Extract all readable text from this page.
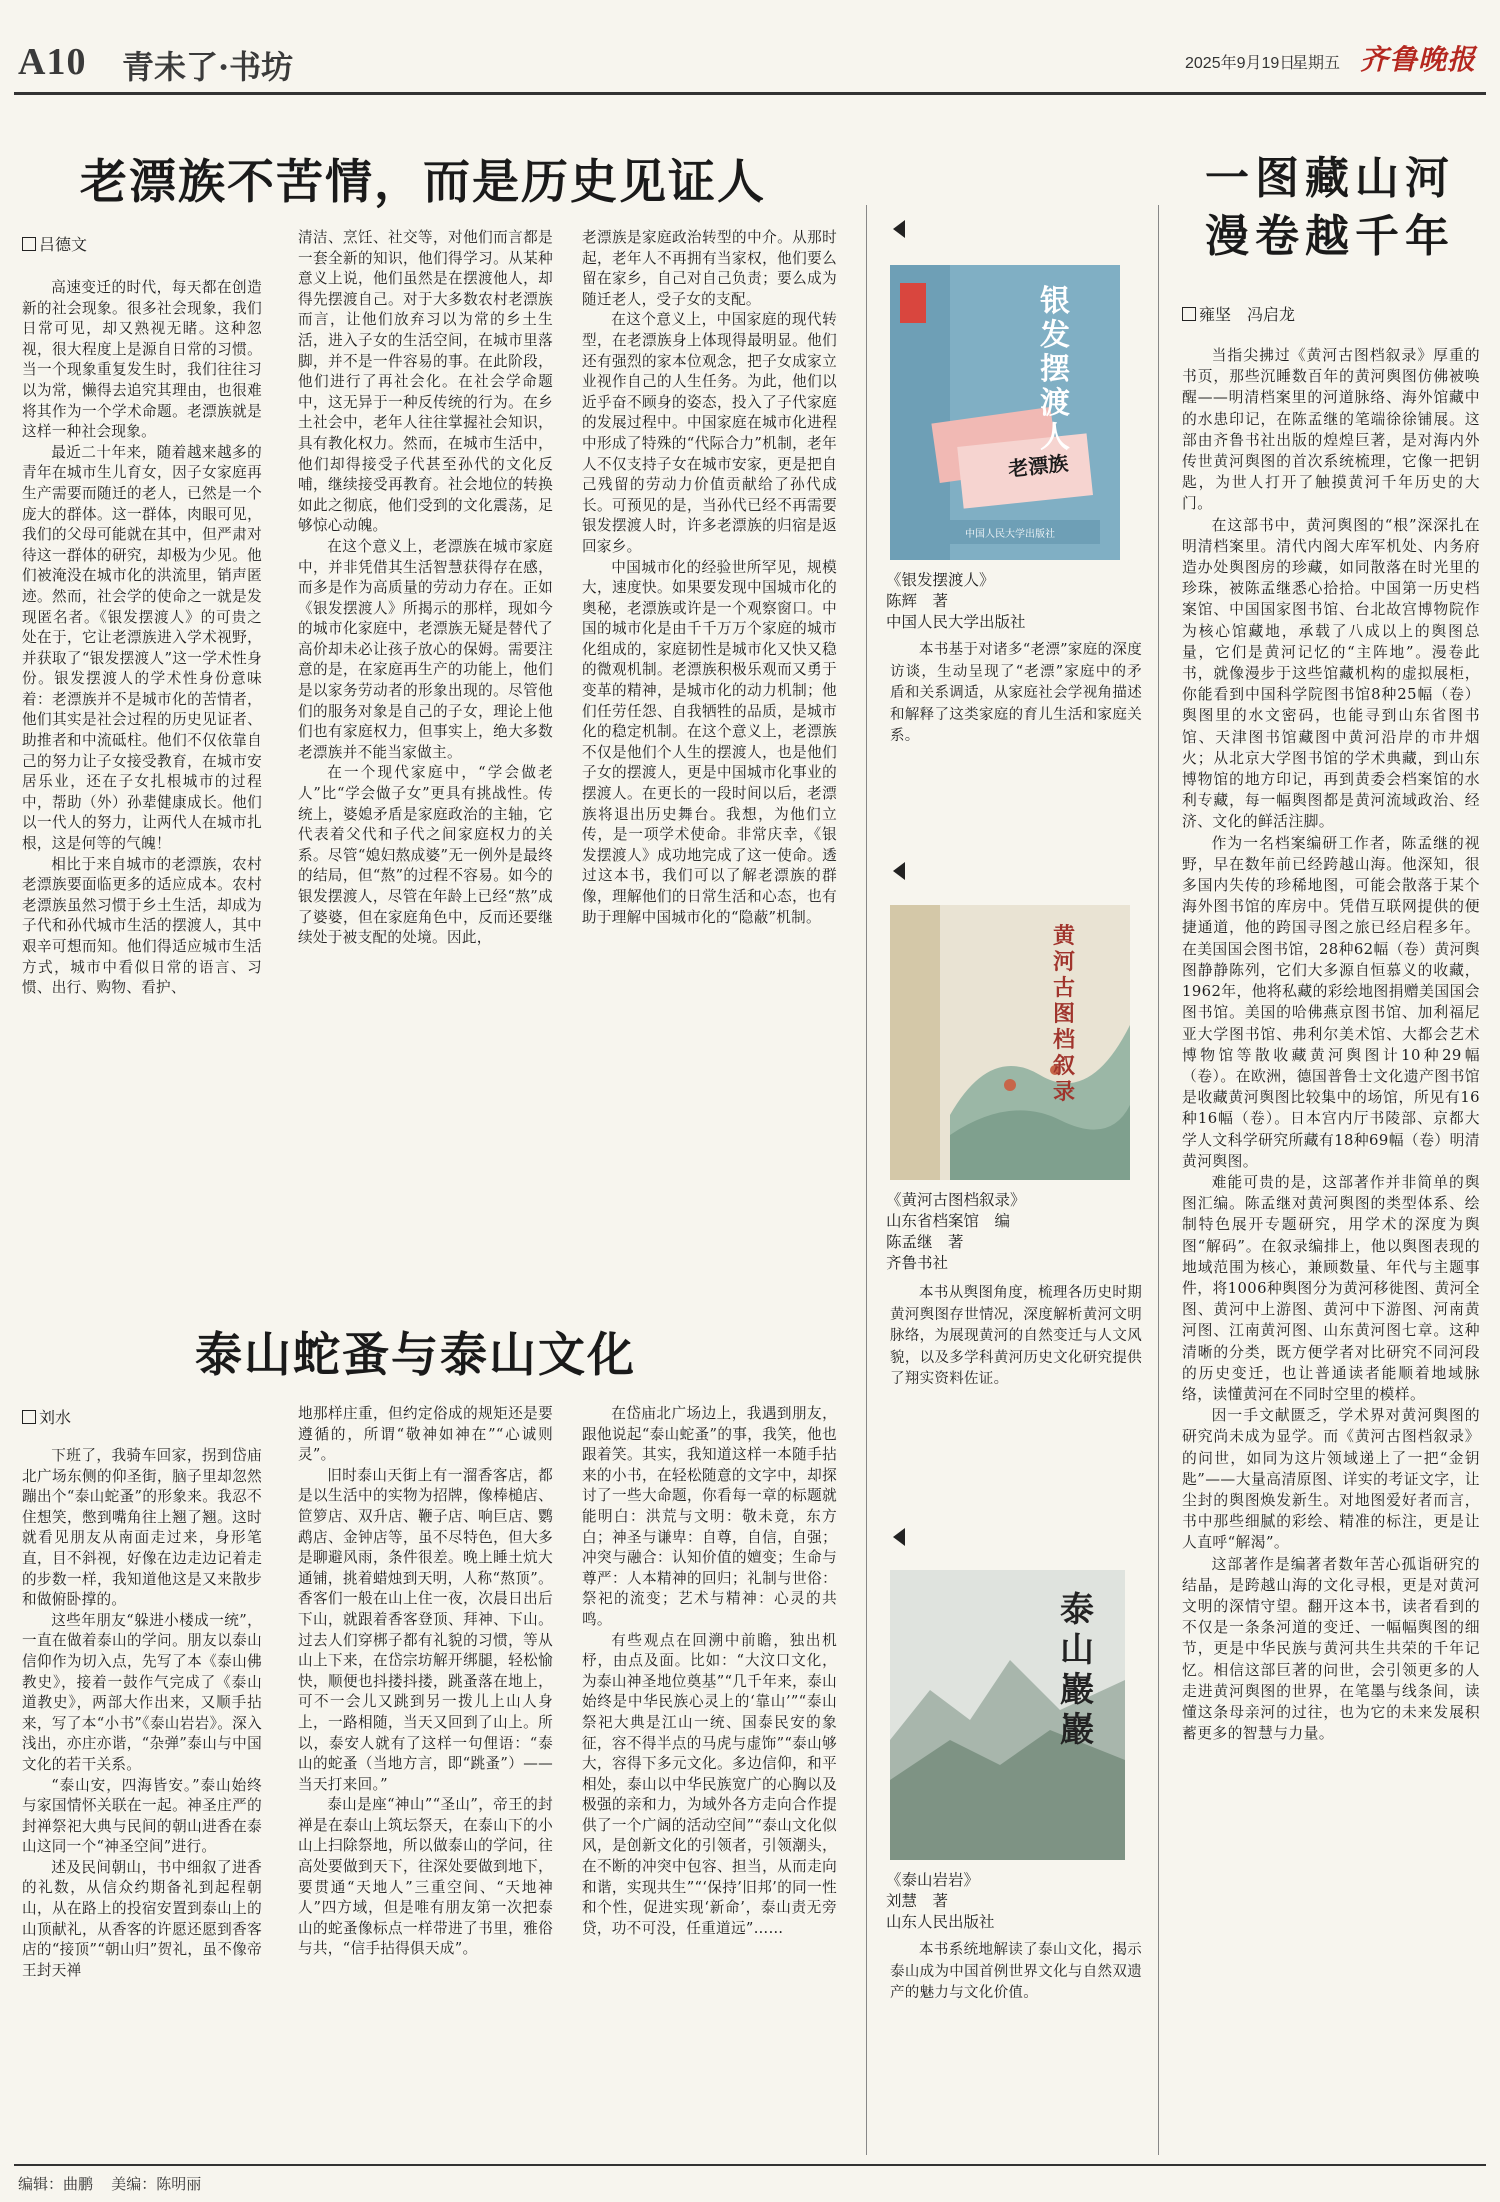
A10 青未了·书坊	2025年9月19日
星期五 齐鲁晚报
老漂族不苦情，而是历史见证人
吕德文

高速变迁的时代，每天都在创造新的社会现象。很多社会现象，我们日常可见，却又熟视无睹。这种忽视，很大程度上是源自日常的习惯。当一个现象重复发生时，我们往往习以为常，懒得去追究其理由，也很难将其作为一个学术命题。老漂族就是这样一种社会现象。

最近二十年来，随着越来越多的青年在城市生儿育女，因子女家庭再生产需要而随迁的老人，已然是一个庞大的群体。这一群体，肉眼可见，我们的父母可能就在其中，但严肃对待这一群体的研究，却极为少见。他们被淹没在城市化的洪流里，销声匿迹。然而，社会学的使命之一就是发现匿名者。《银发摆渡人》的可贵之处在于，它让老漂族进入学术视野，并获取了“银发摆渡人”这一学术性身份。银发摆渡人的学术性身份意味着：老漂族并不是城市化的苦情者，他们其实是社会过程的历史见证者、助推者和中流砥柱。他们不仅依靠自己的努力让子女接受教育，在城市安居乐业，还在子女扎根城市的过程中，帮助（外）孙辈健康成长。他们以一代人的努力，让两代人在城市扎根，这是何等的气魄！

相比于来自城市的老漂族，农村老漂族要面临更多的适应成本。农村老漂族虽然习惯于乡土生活，却成为子代和孙代城市生活的摆渡人，其中艰辛可想而知。他们得适应城市生活方式，城市中看似日常的语言、习惯、出行、购物、看护、

清洁、烹饪、社交等，对他们而言都是一套全新的知识，他们得学习。从某种意义上说，他们虽然是在摆渡他人，却得先摆渡自己。对于大多数农村老漂族而言，让他们放弃习以为常的乡土生活，进入子女的生活空间，在城市里落脚，并不是一件容易的事。在此阶段，他们进行了再社会化。在社会学命题中，这无异于一种反传统的行为。在乡土社会中，老年人往往掌握社会知识，具有教化权力。然而，在城市生活中，他们却得接受子代甚至孙代的文化反哺，继续接受再教育。社会地位的转换如此之彻底，他们受到的文化震荡，足够惊心动魄。

在这个意义上，老漂族在城市家庭中，并非凭借其生活智慧获得存在感，而多是作为高质量的劳动力存在。正如《银发摆渡人》所揭示的那样，现如今的城市化家庭中，老漂族无疑是替代了高价却未必让孩子放心的保姆。需要注意的是，在家庭再生产的功能上，他们是以家务劳动者的形象出现的。尽管他们的服务对象是自己的子女，理论上他们也有家庭权力，但事实上，绝大多数老漂族并不能当家做主。

在一个现代家庭中，“学会做老人”比“学会做子女”更具有挑战性。传统上，婆媳矛盾是家庭政治的主轴，它代表着父代和子代之间家庭权力的关系。尽管“媳妇熬成婆”无一例外是最终的结局，但“熬”的过程不容易。如今的银发摆渡人，尽管在年龄上已经“熬”成了婆婆，但在家庭角色中，反而还要继续处于被支配的处境。因此，

老漂族是家庭政治转型的中介。从那时起，老年人不再拥有当家权，他们要么留在家乡，自己对自己负责；要么成为随迁老人，受子女的支配。

在这个意义上，中国家庭的现代转型，在老漂族身上体现得最明显。他们还有强烈的家本位观念，把子女成家立业视作自己的人生任务。为此，他们以近乎奋不顾身的姿态，投入了子代家庭的发展过程中。中国家庭在城市化进程中形成了特殊的“代际合力”机制，老年人不仅支持子女在城市安家，更是把自己残留的劳动力价值贡献给了孙代成长。可预见的是，当孙代已经不再需要银发摆渡人时，许多老漂族的归宿是返回家乡。

中国城市化的经验世所罕见，规模大，速度快。如果要发现中国城市化的奥秘，老漂族或许是一个观察窗口。中国的城市化是由千千万万个家庭的城市化组成的，家庭韧性是城市化又快又稳的微观机制。老漂族积极乐观而又勇于变革的精神，是城市化的动力机制；他们任劳任怨、自我牺牲的品质，是城市化的稳定机制。在这个意义上，老漂族不仅是他们个人生的摆渡人，也是他们子女的摆渡人，更是中国城市化事业的摆渡人。在更长的一段时间以后，老漂族将退出历史舞台。我想，为他们立传，是一项学术使命。非常庆幸，《银发摆渡人》成功地完成了这一使命。透过这本书，我们可以了解老漂族的群像，理解他们的日常生活和心态，也有助于理解中国城市化的“隐蔽”机制。

泰山蛇蚤与泰山文化
刘水

下班了，我骑车回家，拐到岱庙北广场东侧的仰圣街，脑子里却忽然蹦出个“泰山蛇蚤”的形象来。我忍不住想笑，憋到嘴角往上翘了翘。这时就看见朋友从南面走过来，身形笔直，目不斜视，好像在边走边记着走的步数一样，我知道他这是又来散步和做俯卧撑的。

这些年朋友“躲进小楼成一统”，一直在做着泰山的学问。朋友以泰山信仰作为切入点，先写了本《泰山佛教史》，接着一鼓作气完成了《泰山道教史》，两部大作出来，又顺手拈来，写了本“小书”《泰山岩岩》。深入浅出，亦庄亦谐，“杂弹”泰山与中国文化的若干关系。

“泰山安，四海皆安。”泰山始终与家国情怀关联在一起。神圣庄严的封禅祭祀大典与民间的朝山进香在泰山这同一个“神圣空间”进行。

述及民间朝山，书中细叙了进香的礼数，从信众约期备礼到起程朝山，从在路上的投宿安置到泰山上的山顶献礼，从香客的许愿还愿到香客店的“接顶”“朝山归”贺礼，虽不像帝王封天禅

地那样庄重，但约定俗成的规矩还是要遵循的，所谓“敬神如神在”“心诚则灵”。

旧时泰山天街上有一溜香客店，都是以生活中的实物为招牌，像棒槌店、笸箩店、双升店、鞭子店、响巨店、鹦鹉店、金钟店等，虽不尽特色，但大多是聊避风雨，条件很差。晚上睡土炕大通铺，挑着蜡烛到天明，人称“熬顶”。香客们一般在山上住一夜，次晨日出后下山，就跟着香客登顶、拜神、下山。过去人们穿梆子都有礼貌的习惯，等从山上下来，在岱宗坊解开绑腿，轻松愉快，顺便也抖搂抖搂，跳蚤落在地上，可不一会儿又跳到另一拨儿上山人身上，一路相随，当天又回到了山上。所以，泰安人就有了这样一句俚语：“泰山的蛇蚤（当地方言，即“跳蚤”）——当天打来回。”

泰山是座“神山”“圣山”，帝王的封禅是在泰山上筑坛祭天，在泰山下的小山上扫除祭地，所以做泰山的学问，往高处要做到天下，往深处要做到地下，要贯通“天地人”三重空间、“天地神人”四方域，但是唯有朋友第一次把泰山的蛇蚤像标点一样带进了书里，雅俗与共，“信手拈得俱天成”。

在岱庙北广场边上，我遇到朋友，跟他说起“泰山蛇蚤”的事，我笑，他也跟着笑。其实，我知道这样一本随手拈来的小书，在轻松随意的文字中，却探讨了一些大命题，你看每一章的标题就能明白：洪荒与文明：敬未竟，东方白；神圣与谦卑：自尊，自信，自强；冲突与融合：认知价值的嬗变；生命与尊严：人本精神的回归；礼制与世俗：祭祀的流变；艺术与精神：心灵的共鸣。

有些观点在回溯中前瞻，独出机杼，由点及面。比如：“大汶口文化，为泰山神圣地位奠基”“几千年来，泰山始终是中华民族心灵上的‘靠山’”“泰山祭祀大典是江山一统、国泰民安的象征，容不得半点的马虎与虚饰”“泰山够大，容得下多元文化。多边信仰，和平相处，泰山以中华民族宽广的心胸以及极强的亲和力，为域外各方走向合作提供了一个广阔的活动空间”“泰山文化似风，是创新文化的引领者，引领潮头，在不断的冲突中包容、担当，从而走向和谐，实现共生”“‘保持’旧邦’的同一性和个性，促进实现‘新命’，泰山责无旁贷，功不可没，任重道远”……

银发摆渡人
老漂族
中国人民大学出版社
《银发摆渡人》
陈辉　著
中国人民大学出版社

本书基于对诸多“老漂”家庭的深度访谈，生动呈现了“老漂”家庭中的矛盾和关系调适，从家庭社会学视角描述和解释了这类家庭的育儿生活和家庭关系。

黄河古图档叙录
《黄河古图档叙录》
山东省档案馆　编
陈孟继　著
齐鲁书社

本书从舆图角度，梳理各历史时期黄河舆图存世情况，深度解析黄河文明脉络，为展现黄河的自然变迁与人文风貌，以及多学科黄河历史文化研究提供了翔实资料佐证。

泰山巖巖
《泰山岩岩》
刘慧　著
山东人民出版社

本书系统地解读了泰山文化，揭示泰山成为中国首例世界文化与自然双遗产的魅力与文化价值。

一图藏山河
漫卷越千年
雍坚　冯启龙

当指尖拂过《黄河古图档叙录》厚重的书页，那些沉睡数百年的黄河舆图仿佛被唤醒——明清档案里的河道脉络、海外馆藏中的水患印记，在陈孟继的笔端徐徐铺展。这部由齐鲁书社出版的煌煌巨著，是对海内外传世黄河舆图的首次系统梳理，它像一把钥匙，为世人打开了触摸黄河千年历史的大门。

在这部书中，黄河舆图的“根”深深扎在明清档案里。清代内阁大库军机处、内务府造办处舆图房的珍藏，如同散落在时光里的珍珠，被陈孟继悉心拾拾。中国第一历史档案馆、中国国家图书馆、台北故宫博物院作为核心馆藏地，承载了八成以上的舆图总量，它们是黄河记忆的“主阵地”。漫卷此书，就像漫步于这些馆藏机构的虚拟展柜，你能看到中国科学院图书馆8种25幅（卷）舆图里的水文密码，也能寻到山东省图书馆、天津图书馆藏图中黄河沿岸的市井烟火；从北京大学图书馆的学术典藏，到山东博物馆的地方印记，再到黄委会档案馆的水利专藏，每一幅舆图都是黄河流域政治、经济、文化的鲜活注脚。

作为一名档案编研工作者，陈孟继的视野，早在数年前已经跨越山海。他深知，很多国内失传的珍稀地图，可能会散落于某个海外图书馆的库房中。凭借互联网提供的便捷通道，他的跨国寻图之旅已经启程多年。在美国国会图书馆，28种62幅（卷）黄河舆图静静陈列，它们大多源自恒慕义的收藏，1962年，他将私藏的彩绘地图捐赠美国国会图书馆。美国的哈佛燕京图书馆、加利福尼亚大学图书馆、弗利尔美术馆、大都会艺术博物馆等散收藏黄河舆图计10种29幅（卷）。在欧洲，德国普鲁士文化遗产图书馆是收藏黄河舆图比较集中的场馆，所见有16种16幅（卷）。日本宫内厅书陵部、京都大学人文科学研究所藏有18种69幅（卷）明清黄河舆图。

难能可贵的是，这部著作并非简单的舆图汇编。陈孟继对黄河舆图的类型体系、绘制特色展开专题研究，用学术的深度为舆图“解码”。在叙录编排上，他以舆图表现的地域范围为核心，兼顾数量、年代与主题事件，将1006种舆图分为黄河移徙图、黄河全图、黄河中上游图、黄河中下游图、河南黄河图、江南黄河图、山东黄河图七章。这种清晰的分类，既方便学者对比研究不同河段的历史变迁，也让普通读者能顺着地域脉络，读懂黄河在不同时空里的模样。

因一手文献匮乏，学术界对黄河舆图的研究尚未成为显学。而《黄河古图档叙录》的问世，如同为这片领域递上了一把“金钥匙”——大量高清原图、详实的考证文字，让尘封的舆图焕发新生。对地图爱好者而言，书中那些细腻的彩绘、精准的标注，更是让人直呼“解渴”。

这部著作是编著者数年苦心孤诣研究的结晶，是跨越山海的文化寻根，更是对黄河文明的深情守望。翻开这本书，读者看到的不仅是一条条河道的变迁、一幅幅舆图的细节，更是中华民族与黄河共生共荣的千年记忆。相信这部巨著的问世，会引领更多的人走进黄河舆图的世界，在笔墨与线条间，读懂这条母亲河的过往，也为它的未来发展积蓄更多的智慧与力量。

编辑：曲鹏 美编：陈明丽
